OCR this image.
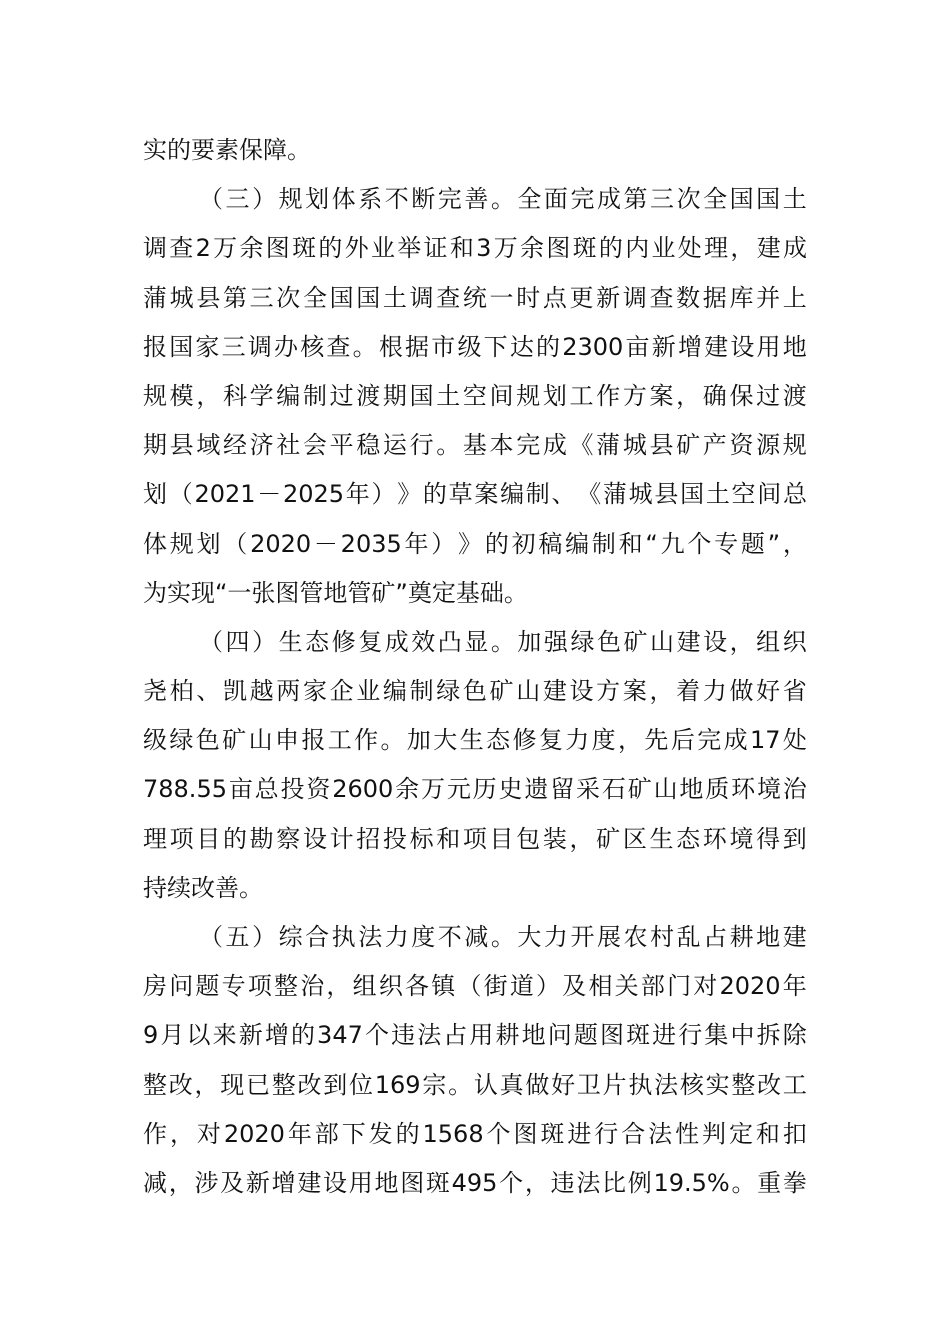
实的要素保障。
（ 三 ） 规 划 体 系 不 断 完 善 。 全 面 完 成 第 三 次 全 国 国 土
调 查 2 万 余 图 斑 的 外 业 举 证 和 3 万 余 图 斑 的 内 业 处 理 ， 建 成
蒲 城 县 第 三 次 全 国 国 土 调 查 统 一 时 点 更 新 调 查 数 据 库 并 上
报 国 家 三 调 办 核 查 。 根 据 市 级 下 达 的 2300 亩 新 增 建 设 用 地
规 模 ， 科 学 编 制 过 渡 期 国 土 空 间 规 划 工 作 方 案 ， 确 保 过 渡
期 县 域 经 济 社 会 平 稳 运 行 。 基 本 完 成 《 蒲 城 县 矿 产 资 源 规
划 （ 2021 － 2025 年 ） 》 的 草 案 编 制 、 《 蒲 城 县 国 土 空 间 总
体 规 划 （ 2020 － 2035 年 ） 》 的 初 稿 编 制 和 “ 九 个 专 题 ” ，
为实现“一张图管地管矿”奠定基础。
（ 四 ） 生 态 修 复 成 效 凸 显 。 加 强 绿 色 矿 山 建 设 ， 组 织
尧 柏 、 凯 越 两 家 企 业 编 制 绿 色 矿 山 建 设 方 案 ， 着 力 做 好 省
级 绿 色 矿 山 申 报 工 作 。 加 大 生 态 修 复 力 度 ， 先 后 完 成 17 处
788.55 亩 总 投 资 2600 余 万 元 历 史 遗 留 采 石 矿 山 地 质 环 境 治
理 项 目 的 勘 察 设 计 招 投 标 和 项 目 包 装 ， 矿 区 生 态 环 境 得 到
持续改善。
（ 五 ） 综 合 执 法 力 度 不 减 。 大 力 开 展 农 村 乱 占 耕 地 建
房 问 题 专 项 整 治 ， 组 织 各 镇 （ 街 道 ） 及 相 关 部 门 对 2020 年
9 月 以 来 新 增 的 347 个 违 法 占 用 耕 地 问 题 图 斑 进 行 集 中 拆 除
整 改 ， 现 已 整 改 到 位 169 宗 。 认 真 做 好 卫 片 执 法 核 实 整 改 工
作 ， 对 2020 年 部 下 发 的 1568 个 图 斑 进 行 合 法 性 判 定 和 扣
减 ， 涉 及 新 增 建 设 用 地 图 斑 495 个 ， 违 法 比 例 19.5% 。 重 拳
